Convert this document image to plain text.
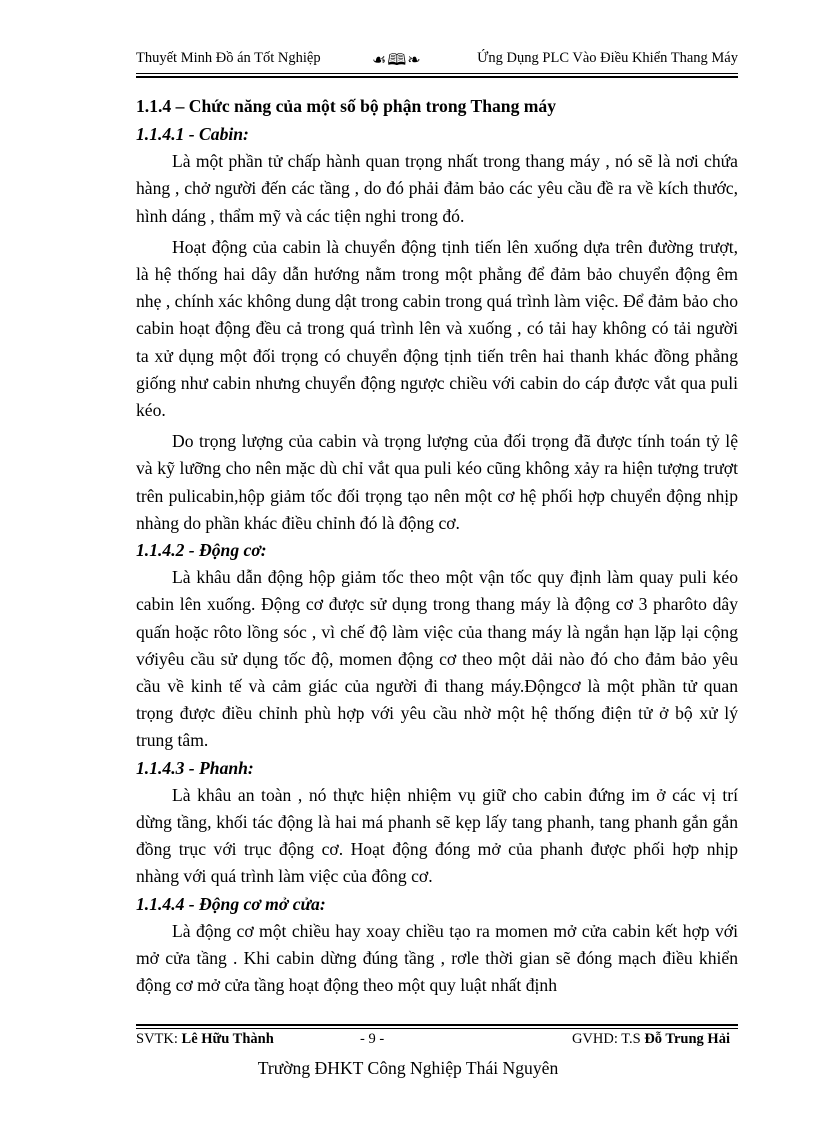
Thuyết Minh Đồ án Tốt Nghiệp	☙🕮❧	Ứng Dụng PLC Vào Điều Khiển Thang Máy

1.1.4 – Chức năng của một số bộ phận trong Thang máy

1.1.4.1 - Cabin:

Là một phần tử chấp hành quan trọng nhất trong thang máy , nó sẽ là nơi chứa hàng , chở người đến các tầng , do đó phải đảm bảo các yêu cầu đề ra về kích thước, hình dáng , thẩm mỹ và các tiện nghi trong đó.

Hoạt động của cabin là chuyển động tịnh tiến lên xuống dựa trên đường trượt, là hệ thống hai dây dẫn hướng nằm trong một phẳng để đảm bảo chuyển động êm nhẹ , chính xác không dung dật trong cabin trong quá trình làm việc. Để đảm bảo cho cabin hoạt động đều cả trong quá trình lên và xuống , có tải hay không có tải người ta xử dụng một đối trọng có chuyển động tịnh tiến trên hai thanh khác đồng phẳng giống như cabin nhưng chuyển động ngược chiều với cabin do cáp được vắt qua puli kéo.

Do trọng lượng của cabin và trọng lượng của đối trọng đã được tính toán tỷ lệ và kỹ lưỡng cho nên mặc dù chỉ vắt qua puli kéo cũng không xảy ra hiện tượng trượt trên pulicabin,hộp giảm tốc đối trọng tạo nên một cơ hệ phối hợp chuyển động nhịp nhàng do phần khác điều chỉnh đó là động cơ.

1.1.4.2 - Động cơ:

Là khâu dẫn động hộp giảm tốc theo một vận tốc quy định làm quay puli kéo cabin lên xuống. Động cơ được sử dụng trong thang máy là động cơ 3 pharôto dây quấn hoặc rôto lồng sóc , vì chế độ làm việc của thang máy là ngắn hạn lặp lại cộng vớiyêu cầu sử dụng tốc độ, momen động cơ theo một dải nào đó cho đảm bảo yêu cầu về kinh tế và cảm giác của người đi thang máy.Độngcơ là một phần tử quan trọng được điều chỉnh phù hợp với yêu cầu nhờ một hệ thống điện tử ở bộ xử lý trung tâm.

1.1.4.3 - Phanh:

Là khâu an toàn , nó thực hiện nhiệm vụ giữ cho cabin đứng im ở các vị trí dừng tầng, khối tác động là hai má phanh sẽ kẹp lấy tang phanh, tang phanh gắn gắn đồng trục với trục động cơ. Hoạt động đóng mở của phanh được phối hợp nhịp nhàng với quá trình làm việc của đông cơ.

1.1.4.4 - Động cơ mở cửa:

Là động cơ một chiều hay xoay chiều tạo ra momen mở cửa cabin kết hợp với mở cửa tầng . Khi cabin dừng đúng tầng , rơle thời gian sẽ đóng mạch điều khiển động cơ mở cửa tầng hoạt động theo một quy luật nhất định

SVTK: Lê Hữu Thành	- 9 -	GVHD: T.S Đỗ Trung Hải
Trường ĐHKT Công Nghiệp Thái Nguyên
